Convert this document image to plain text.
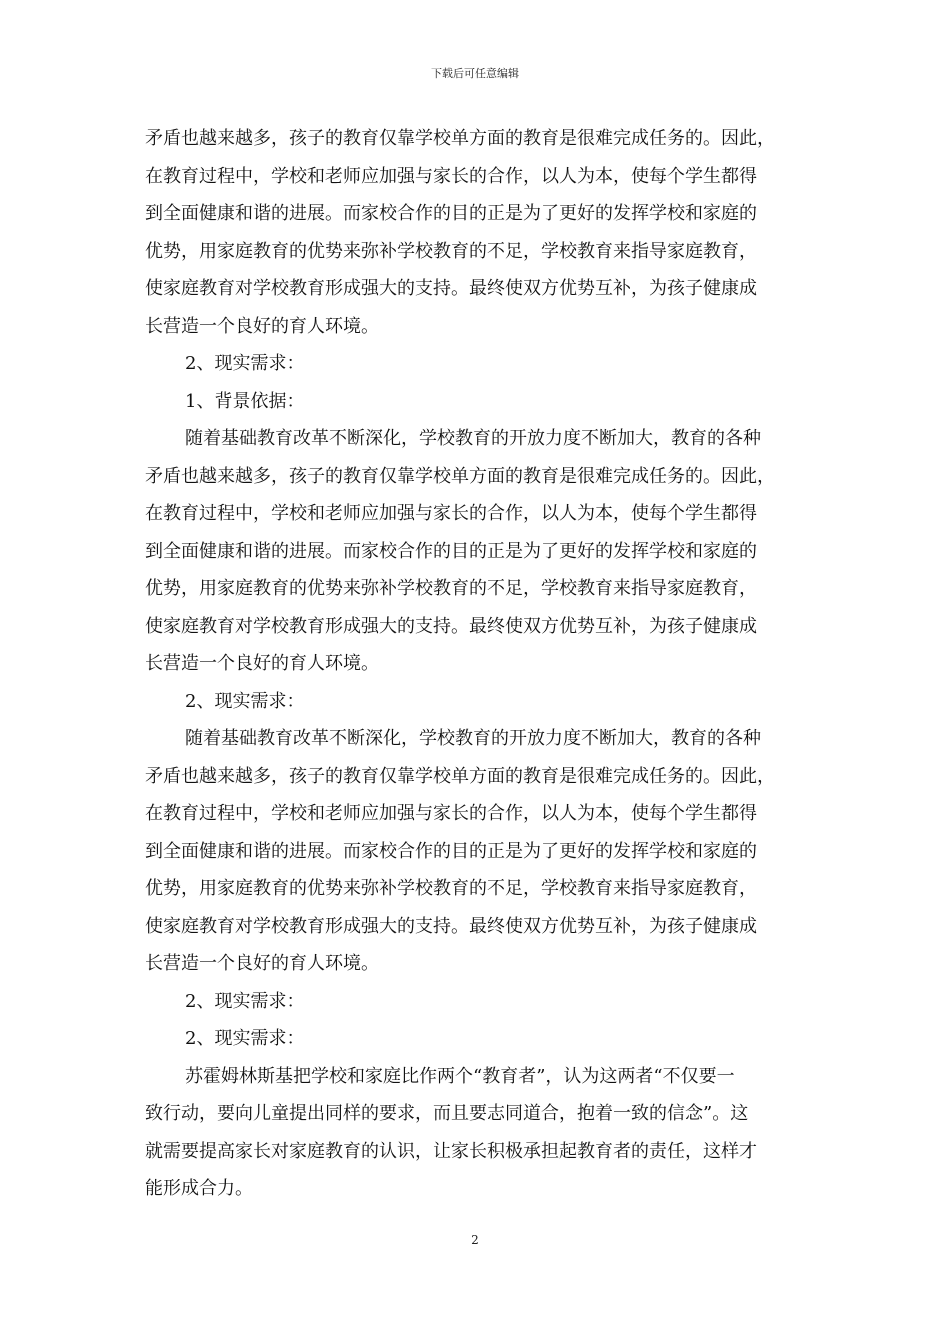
下载后可任意编辑
矛盾也越来越多，孩子的教育仅靠学校单方面的教育是很难完成任务的。因此，
在教育过程中，学校和老师应加强与家长的合作，以人为本，使每个学生都得
到全面健康和谐的进展。而家校合作的目的正是为了更好的发挥学校和家庭的
优势，用家庭教育的优势来弥补学校教育的不足，学校教育来指导家庭教育，
使家庭教育对学校教育形成强大的支持。最终使双方优势互补，为孩子健康成
长营造一个良好的育人环境。
2、现实需求：
1、背景依据：
随着基础教育改革不断深化，学校教育的开放力度不断加大，教育的各种
矛盾也越来越多，孩子的教育仅靠学校单方面的教育是很难完成任务的。因此，
在教育过程中，学校和老师应加强与家长的合作，以人为本，使每个学生都得
到全面健康和谐的进展。而家校合作的目的正是为了更好的发挥学校和家庭的
优势，用家庭教育的优势来弥补学校教育的不足，学校教育来指导家庭教育，
使家庭教育对学校教育形成强大的支持。最终使双方优势互补，为孩子健康成
长营造一个良好的育人环境。
2、现实需求：
随着基础教育改革不断深化，学校教育的开放力度不断加大，教育的各种
矛盾也越来越多，孩子的教育仅靠学校单方面的教育是很难完成任务的。因此，
在教育过程中，学校和老师应加强与家长的合作，以人为本，使每个学生都得
到全面健康和谐的进展。而家校合作的目的正是为了更好的发挥学校和家庭的
优势，用家庭教育的优势来弥补学校教育的不足，学校教育来指导家庭教育，
使家庭教育对学校教育形成强大的支持。最终使双方优势互补，为孩子健康成
长营造一个良好的育人环境。
2、现实需求：
2、现实需求：
苏霍姆林斯基把学校和家庭比作两个“教育者”，认为这两者“不仅要一
致行动，要向儿童提出同样的要求，而且要志同道合，抱着一致的信念”。这
就需要提高家长对家庭教育的认识，让家长积极承担起教育者的责任，这样才
能形成合力。
2
